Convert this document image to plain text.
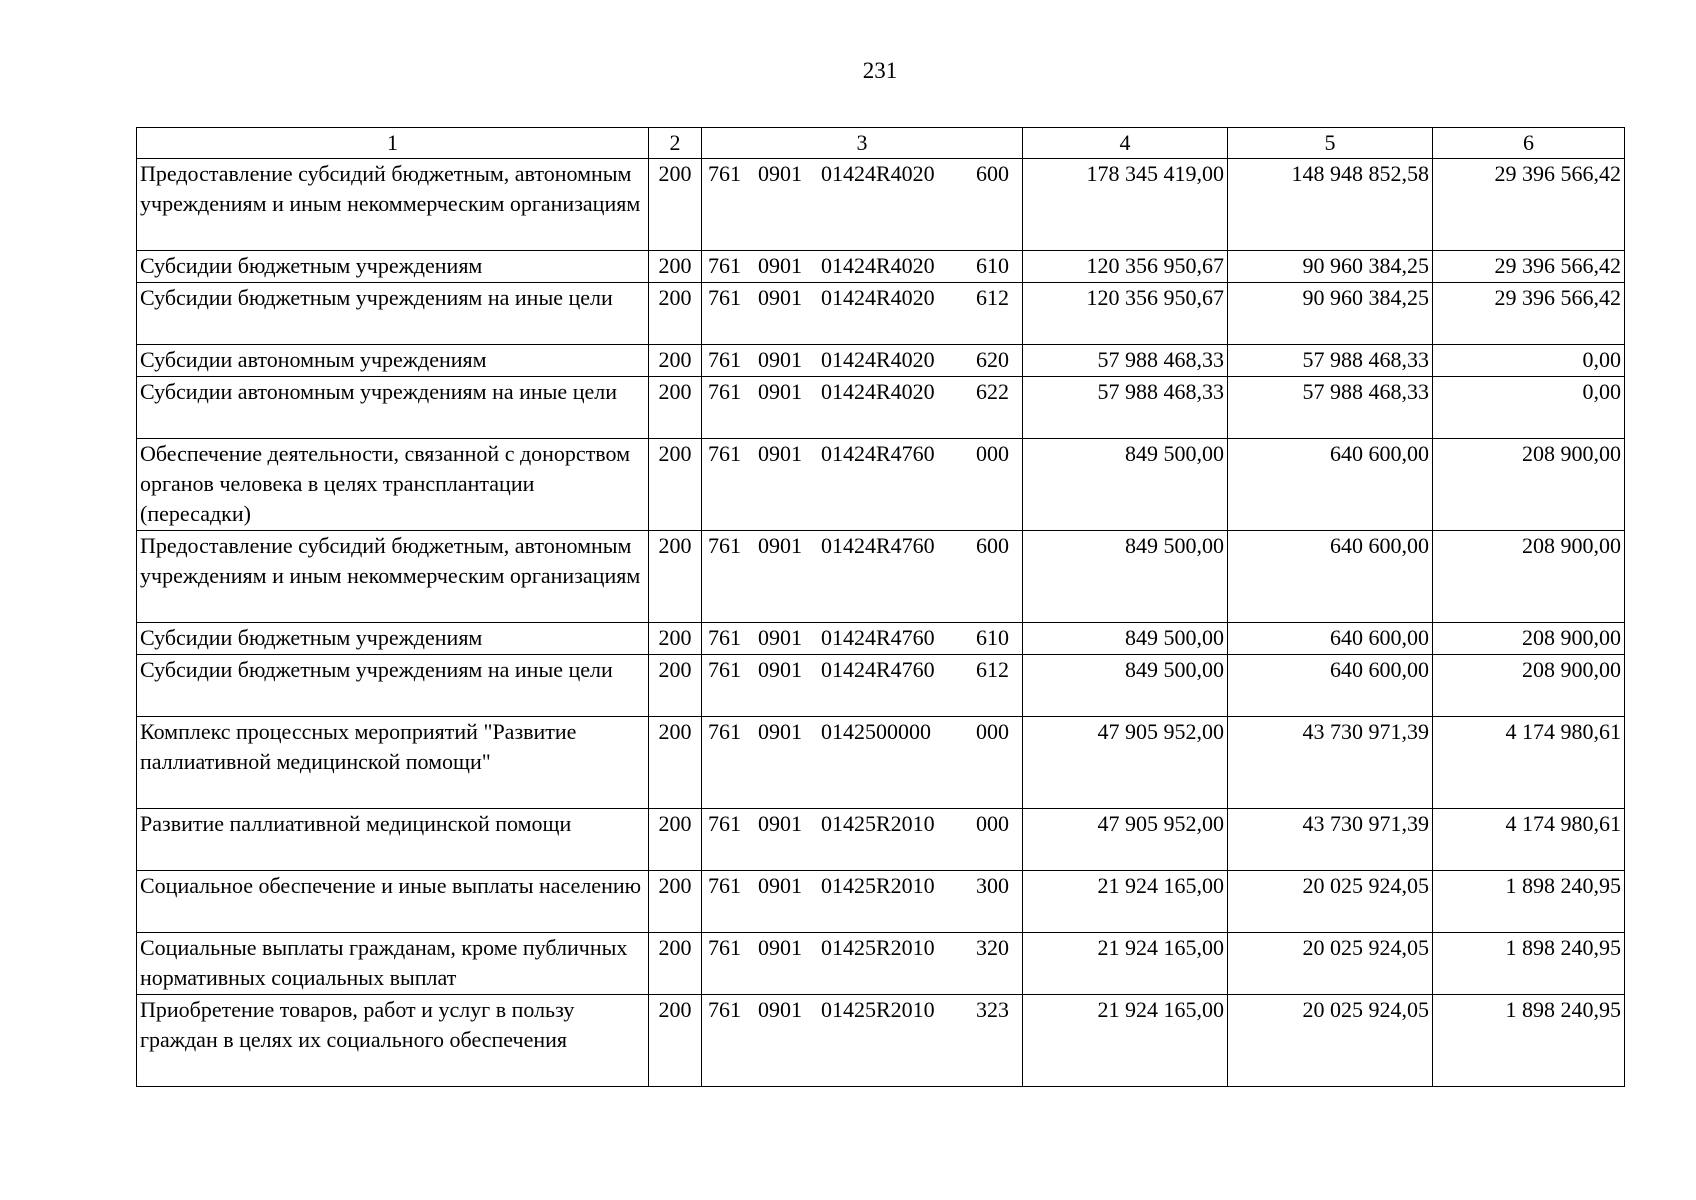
231
1	2	3	4	5	6
Предоставление субсидий бюджетным, автономным учреждениям и иным некоммерческим организациям	200	761 0901 01424R4020 600	178 345 419,00	148 948 852,58	29 396 566,42
Субсидии бюджетным учреждениям	200	761 0901 01424R4020 610	120 356 950,67	90 960 384,25	29 396 566,42
Субсидии бюджетным учреждениям на иные цели	200	761 0901 01424R4020 612	120 356 950,67	90 960 384,25	29 396 566,42
Субсидии автономным учреждениям	200	761 0901 01424R4020 620	57 988 468,33	57 988 468,33	0,00
Субсидии автономным учреждениям на иные цели	200	761 0901 01424R4020 622	57 988 468,33	57 988 468,33	0,00
Обеспечение деятельности, связанной с донорством органов человека в целях трансплантации (пересадки)	200	761 0901 01424R4760 000	849 500,00	640 600,00	208 900,00
Предоставление субсидий бюджетным, автономным учреждениям и иным некоммерческим организациям	200	761 0901 01424R4760 600	849 500,00	640 600,00	208 900,00
Субсидии бюджетным учреждениям	200	761 0901 01424R4760 610	849 500,00	640 600,00	208 900,00
Субсидии бюджетным учреждениям на иные цели	200	761 0901 01424R4760 612	849 500,00	640 600,00	208 900,00
Комплекс процессных мероприятий "Развитие паллиативной медицинской помощи"	200	761 0901 0142500000 000	47 905 952,00	43 730 971,39	4 174 980,61
Развитие паллиативной медицинской помощи	200	761 0901 01425R2010 000	47 905 952,00	43 730 971,39	4 174 980,61
Социальное обеспечение и иные выплаты населению	200	761 0901 01425R2010 300	21 924 165,00	20 025 924,05	1 898 240,95
Социальные выплаты гражданам, кроме публичных нормативных социальных выплат	200	761 0901 01425R2010 320	21 924 165,00	20 025 924,05	1 898 240,95
Приобретение товаров, работ и услуг в пользу граждан в целях их социального обеспечения	200	761 0901 01425R2010 323	21 924 165,00	20 025 924,05	1 898 240,95
